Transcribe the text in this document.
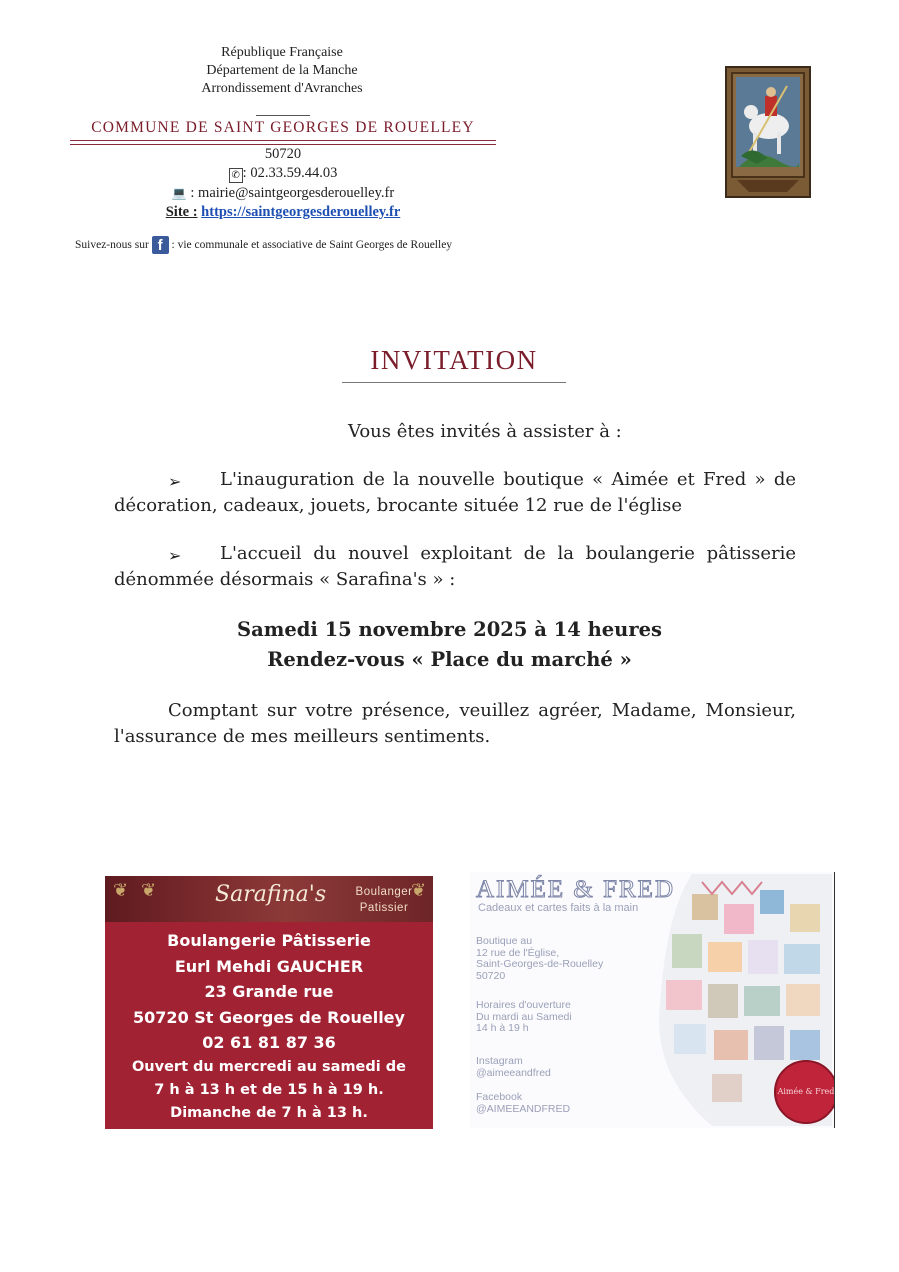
République Française
Département de la Manche
Arrondissement d'Avranches
COMMUNE DE SAINT GEORGES DE ROUELLEY
50720
✆ : 02.33.59.44.03
💻 : mairie@saintgeorgesderouelley.fr
Site : https://saintgeorgesderouelley.fr
Suivez-nous sur f : vie communale et associative de Saint Georges de Rouelley
INVITATION
Vous êtes invités à assister à :
➢ L'inauguration de la nouvelle boutique « Aimée et Fred » de
décoration, cadeaux, jouets, brocante située 12 rue de l'église
➢ L'accueil du nouvel exploitant de la boulangerie pâtisserie
dénommée désormais « Sarafina's » :
Samedi 15 novembre 2025 à 14 heures
Rendez-vous « Place du marché »
Comptant sur votre présence, veuillez agréer, Madame, Monsieur,
l'assurance de mes meilleurs sentiments.
❦ ❦	❦
Sarafina's	Boulanger
Patissier
Boulangerie Pâtisserie
Eurl Mehdi GAUCHER
23 Grande rue
50720 St Georges de Rouelley
02 61 81 87 36
Ouvert du mercredi au samedi de
7 h à 13 h et de 15 h à 19 h.
Dimanche de 7 h à 13 h.
AIMÉE & FRED
Cadeaux et cartes faits à la main
Boutique au
12 rue de l'Église,
Saint-Georges-de-Rouelley
50720
Horaires d'ouverture
Du mardi au Samedi
14 h à 19 h
Instagram
@aimeeandfred
Facebook
@AIMEEANDFRED
Aimée & Fred
